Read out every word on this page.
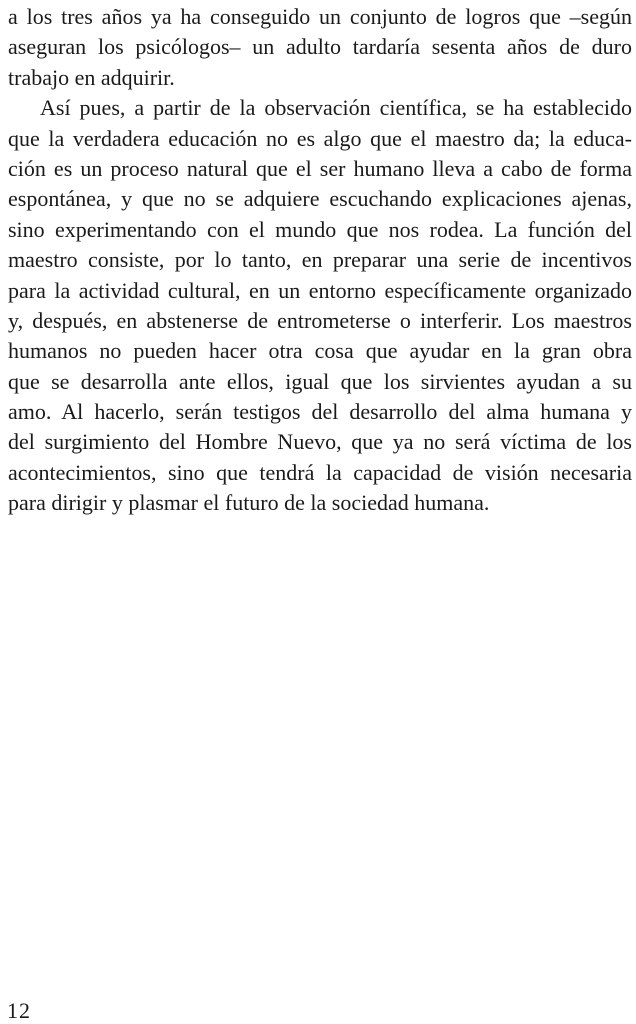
a los tres años ya ha conseguido un conjunto de logros que –según
aseguran los psicólogos– un adulto tardaría sesenta años de duro
trabajo en adquirir.
Así pues, a partir de la observación científica, se ha establecido
que la verdadera educación no es algo que el maestro da; la educa-
ción es un proceso natural que el ser humano lleva a cabo de forma
espontánea, y que no se adquiere escuchando explicaciones ajenas,
sino experimentando con el mundo que nos rodea. La función del
maestro consiste, por lo tanto, en preparar una serie de incentivos
para la actividad cultural, en un entorno específicamente organizado
y, después, en abstenerse de entrometerse o interferir. Los maestros
humanos no pueden hacer otra cosa que ayudar en la gran obra
que se desarrolla ante ellos, igual que los sirvientes ayudan a su
amo. Al hacerlo, serán testigos del desarrollo del alma humana y
del surgimiento del Hombre Nuevo, que ya no será víctima de los
acontecimientos, sino que tendrá la capacidad de visión necesaria
para dirigir y plasmar el futuro de la sociedad humana.
12
